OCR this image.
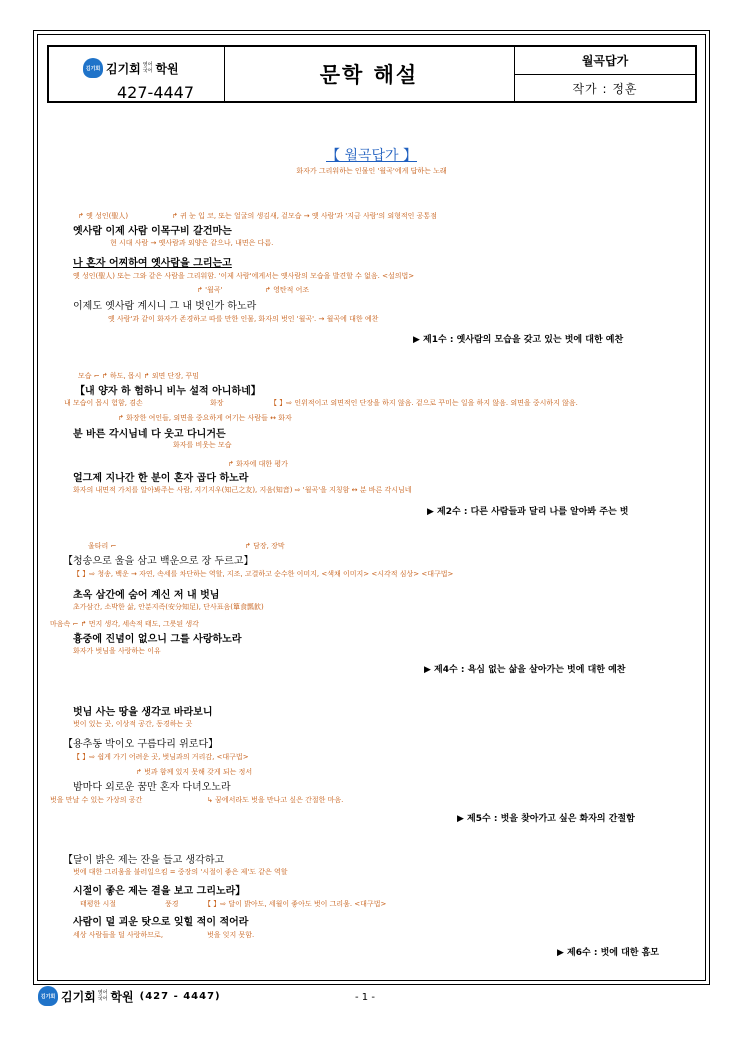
김기회 김기회 영어
국어 학원
427-4447
문학 해설
월곡답가
작가 : 정훈
【 월곡답가 】
화자가 그리워하는 인물인 '월곡'에게 답하는 노래
↱ 옛 성인(聖人)	↱ 귀 눈 입 코, 또는 얼굴의 생김새, 겉모습 → 옛 사람'과 '지금 사람'의 외형적인 공통점
옛사람 이제 사람 이목구비 갈건마는
현 시대 사람 → 옛사람과 외양은 같으나, 내면은 다름.
나 혼자 어찌하여 옛사람을 그리는고
옛 성인(聖人) 또는 그와 같은 사람을 그리워함. '이제 사람'에게서는 옛사람의 모습을 발견할 수 없음. <설의법>
↱ '월곡'	↱ 영탄적 어조
이제도 옛사람 계시니 그 내 벗인가 하노라
옛 사람'과 같이 화자가 존경하고 따를 만한 인물, 화자의 벗인 '월곡'. → 월곡에 대한 예찬
▶ 제1수 : 옛사람의 모습을 갖고 있는 벗에 대한 예찬
모습 ⌐ ↱ 하도, 몹시 ↱ 외면 단장, 꾸밈
【내 양자 하 험하니 비누 설적 아니하네】
내 모습이 몹시 험함, 겸손	화장	【 】⇨ 인위적이고 외면적인 단장을 하지 않음. 겉으로 꾸미는 일을 하지 않음. 외면을 중시하지 않음.
↱ 화장한 여인들, 외면을 중요하게 여기는 사람들 ↔ 화자
분 바른 각시님네 다 웃고 다니거든
화자를 비웃는 모습
↱ 화자에 대한 평가
얼그제 지나간 한 분이 혼자 곱다 하노라
화자의 내면적 가치를 알아봐주는 사람, 지기지우(知己之友), 지음(知音) ⇨ '월곡'을 지칭함 ↔ 분 바른 각시님네
▶ 제2수 : 다른 사람들과 달리 나를 알아봐 주는 벗
울타리 ⌐	↱ 담장, 장막
【청송으로 울을 삼고 백운으로 장 두르고】
【 】⇨ 청송, 백운 → 자연, 속세를 차단하는 역할, 지조, 고결하고 순수한 이미지, <색채 이미지> <시각적 심상> <대구법>
초옥 삼간에 숨어 계신 저 내 벗님
초가삼간, 소박한 삶, 안분지족(安分知足), 단사표음(簞食瓢飮)
마음속 ⌐ ↱ 먼지 생각, 세속적 태도, 그릇된 생각
흉중에 진념이 없으니 그를 사랑하노라
화자가 벗님을 사랑하는 이유
▶ 제4수 : 욕심 없는 삶을 살아가는 벗에 대한 예찬
벗님 사는 땅을 생각코 바라보니
벗이 있는 곳, 이상적 공간, 동경하는 곳
【용추동 박이오 구름다리 위로다】
【 】⇨ 쉽게 가기 어려운 곳, 벗님과의 거리감, <대구법>
↱ 벗과 함께 있지 못해 갖게 되는 정서
밤마다 외로운 꿈만 혼자 다녀오노라
벗을 만날 수 있는 가상의 공간	↳ 꿈에서라도 벗을 만나고 싶은 간절한 마음.
▶ 제5수 : 벗을 찾아가고 싶은 화자의 간절함
【달이 밝은 제는 잔을 들고 생각하고
벗에 대한 그리움을 불러일으킴 = 중장의 '시절이 좋은 제'도 같은 역할
시절이 좋은 제는 곁을 보고 그리노라】
태평한 시절	풍경	【 】⇨ 달이 밝아도, 세월이 좋아도 벗이 그리움. <대구법>
사람이 덜 괴운 탓으로 잊힐 적이 적어라
세상 사람들을 덜 사랑하므로,	벗을 잊지 못함.
▶ 제6수 : 벗에 대한 흠모
김기회 김기회 영어
국어 학원 (427 - 4447)	- 1 -
